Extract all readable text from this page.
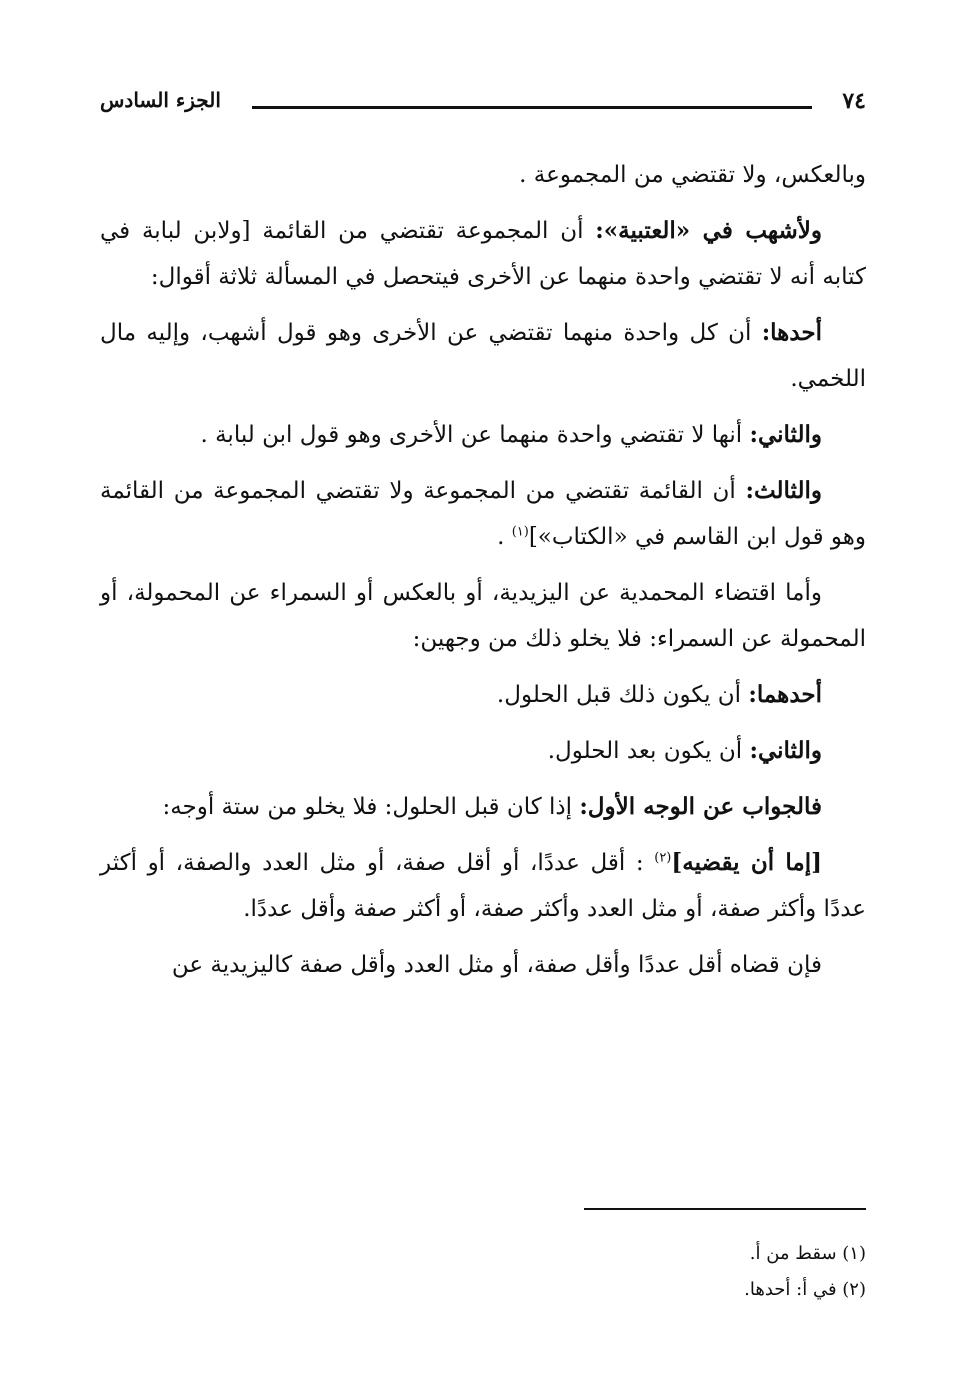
٧٤
الجزء السادس

وبالعكس، ولا تقتضي من المجموعة .

ولأشهب في «العتبية»: أن المجموعة تقتضي من القائمة [ولابن لبابة في كتابه أنه لا تقتضي واحدة منهما عن الأخرى فيتحصل في المسألة ثلاثة أقوال:

أحدها: أن كل واحدة منهما تقتضي عن الأخرى وهو قول أشهب، وإليه مال اللخمي.

والثاني: أنها لا تقتضي واحدة منهما عن الأخرى وهو قول ابن لبابة .

والثالث: أن القائمة تقتضي من المجموعة ولا تقتضي المجموعة من القائمة وهو قول ابن القاسم في «الكتاب»]$^{(١)}$ .

وأما اقتضاء المحمدية عن اليزيدية، أو بالعكس أو السمراء عن المحمولة، أو المحمولة عن السمراء: فلا يخلو ذلك من وجهين:

أحدهما: أن يكون ذلك قبل الحلول.

والثاني: أن يكون بعد الحلول.

فالجواب عن الوجه الأول: إذا كان قبل الحلول: فلا يخلو من ستة أوجه:

[إما أن يقضيه]$^{(٢)}$ : أقل عددًا، أو أقل صفة، أو مثل العدد والصفة، أو أكثر عددًا وأكثر صفة، أو مثل العدد وأكثر صفة، أو أكثر صفة وأقل عددًا.

فإن قضاه أقل عددًا وأقل صفة، أو مثل العدد وأقل صفة كاليزيدية عن

(١) سقط من أ.

(٢) في أ: أحدها.
